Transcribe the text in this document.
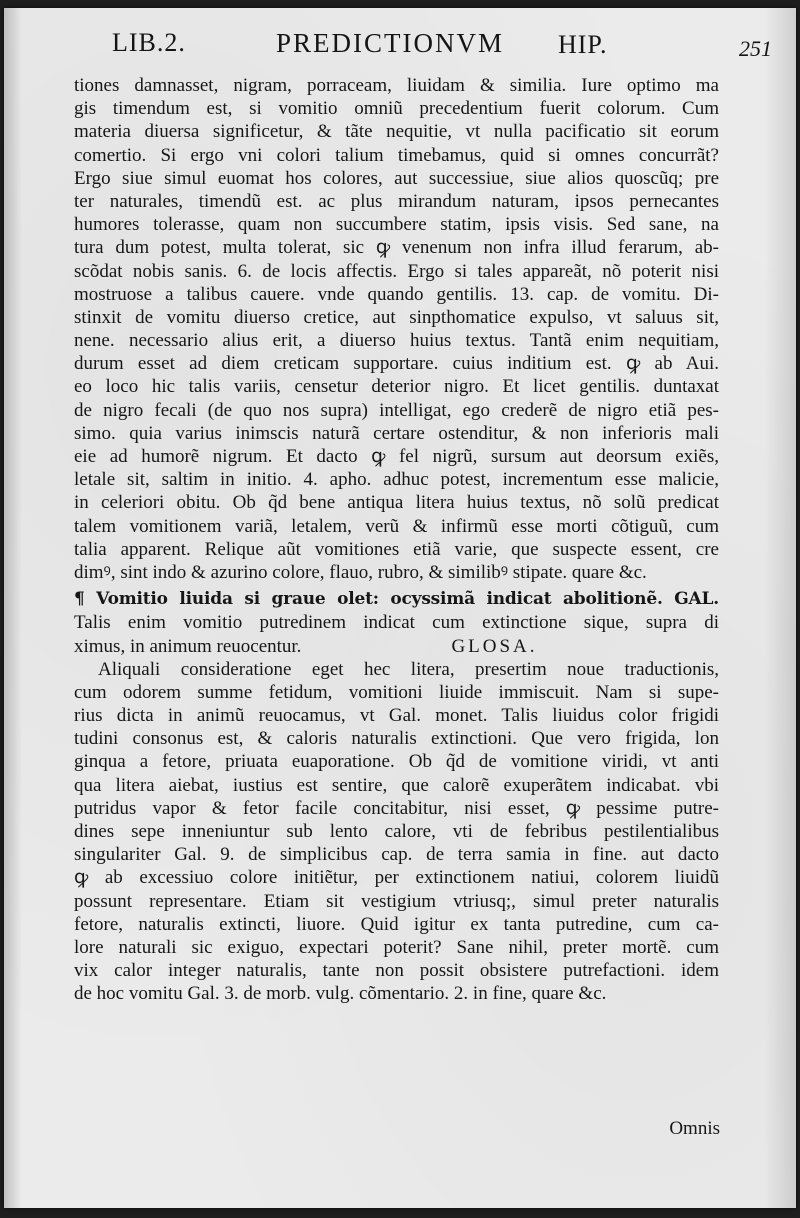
LIB.2.	PREDICTIONVM HIP.	251
tiones damnasset, nigram, porraceam, liuidam & similia. Iure optimo ma
gis timendum est, si vomitio omniũ precedentium fuerit colorum. Cum
materia diuersa significetur, & tãte nequitie, vt nulla pacificatio sit eorum
comertio. Si ergo vni colori talium timebamus, quid si omnes concurrãt?
Ergo siue simul euomat hos colores, aut successiue, siue alios quoscũq; pre
ter naturales, timendũ est. ac plus mirandum naturam, ipsos pernecantes
humores tolerasse, quam non succumbere statim, ipsis visis. Sed sane, na
tura dum potest, multa tolerat, sic ꝙ venenum non infra illud ferarum, ab-
scõdat nobis sanis. 6. de locis affectis. Ergo si tales appareãt, nõ poterit nisi
mostruose a talibus cauere. vnde quando gentilis. 13. cap. de vomitu. Di-
stinxit de vomitu diuerso cretice, aut sinpthomatice expulso, vt saluus sit,
nene. necessario alius erit, a diuerso huius textus. Tantã enim nequitiam,
durum esset ad diem creticam supportare. cuius inditium est. ꝙ ab Aui.
eo loco hic talis variis, censetur deterior nigro. Et licet gentilis. duntaxat
de nigro fecali (de quo nos supra) intelligat, ego crederẽ de nigro etiã pes-
simo. quia varius inimscis naturã certare ostenditur, & non inferioris mali
eie ad humorẽ nigrum. Et dacto ꝙ fel nigrũ, sursum aut deorsum exiẽs,
letale sit, saltim in initio. 4. apho. adhuc potest, incrementum esse malicie,
in celeriori obitu. Ob q̃d bene antiqua litera huius textus, nõ solũ predicat
talem vomitionem variã, letalem, verũ & infirmũ esse morti cõtiguũ, cum
talia apparent. Relique aũt vomitiones etiã varie, que suspecte essent, cre
dimꝰ, sint indo & azurino colore, flauo, rubro, & similibꝰ stipate. quare &c.
¶ Vomitio liuida si graue olet: ocyssimã indicat abolitionẽ. GAL.
Talis enim vomitio putredinem indicat cum extinctione sique, supra di
ximus, in animum reuocentur.	GLOSA.
Aliquali consideratione eget hec litera, presertim noue traductionis,
cum odorem summe fetidum, vomitioni liuide immiscuit. Nam si supe-
rius dicta in animũ reuocamus, vt Gal. monet. Talis liuidus color frigidi
tudini consonus est, & caloris naturalis extinctioni. Que vero frigida, lon
ginqua a fetore, priuata euaporatione. Ob q̃d de vomitione viridi, vt anti
qua litera aiebat, iustius est sentire, que calorẽ exuperãtem indicabat. vbi
putridus vapor & fetor facile concitabitur, nisi esset, ꝙ pessime putre-
dines sepe inneniuntur sub lento calore, vti de febribus pestilentialibus
singulariter Gal. 9. de simplicibus cap. de terra samia in fine. aut dacto
ꝙ ab excessiuo colore initiẽtur, per extinctionem natiui, colorem liuidũ
possunt representare. Etiam sit vestigium vtriusq;, simul preter naturalis
fetore, naturalis extincti, liuore. Quid igitur ex tanta putredine, cum ca-
lore naturali sic exiguo, expectari poterit? Sane nihil, preter mortẽ. cum
vix calor integer naturalis, tante non possit obsistere putrefactioni. idem
de hoc vomitu Gal. 3. de morb. vulg. cõmentario. 2. in fine, quare &c.
Omnis
